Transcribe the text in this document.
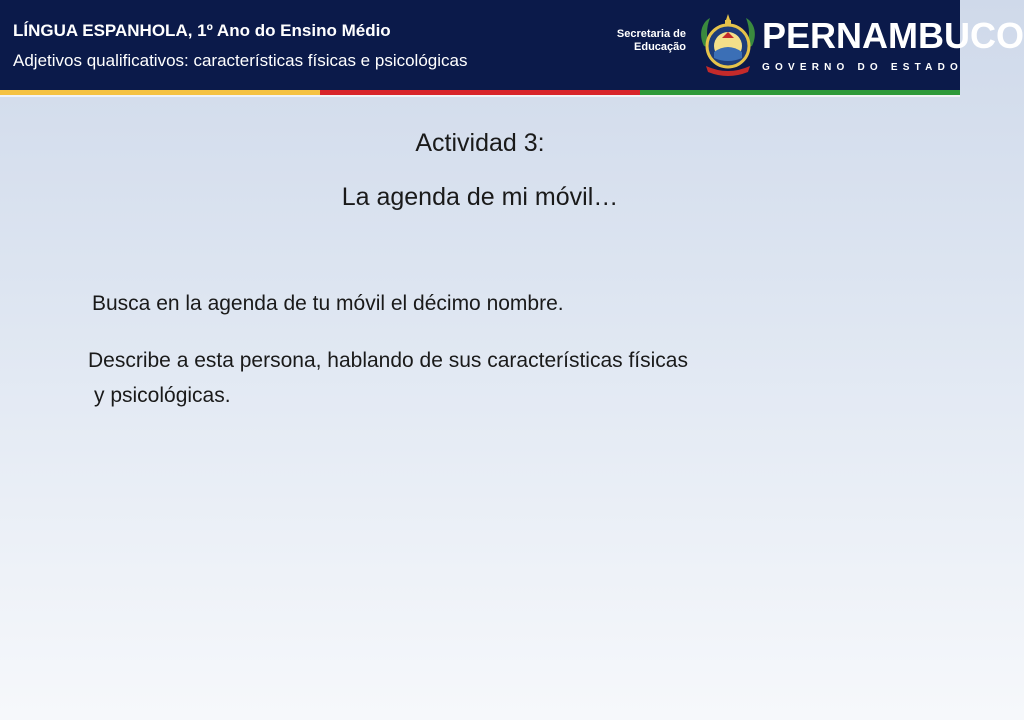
LÍNGUA ESPANHOLA, 1º Ano do Ensino Médio
Adjetivos qualificativos: características físicas e psicológicas
Secretaria de
Educação PERNAMBUCO
GOVERNO DO ESTADO
Actividad 3:
La agenda de mi móvil…
Busca en la agenda de tu móvil el décimo nombre.
Describe a esta persona, hablando de sus características físicas
y psicológicas.
